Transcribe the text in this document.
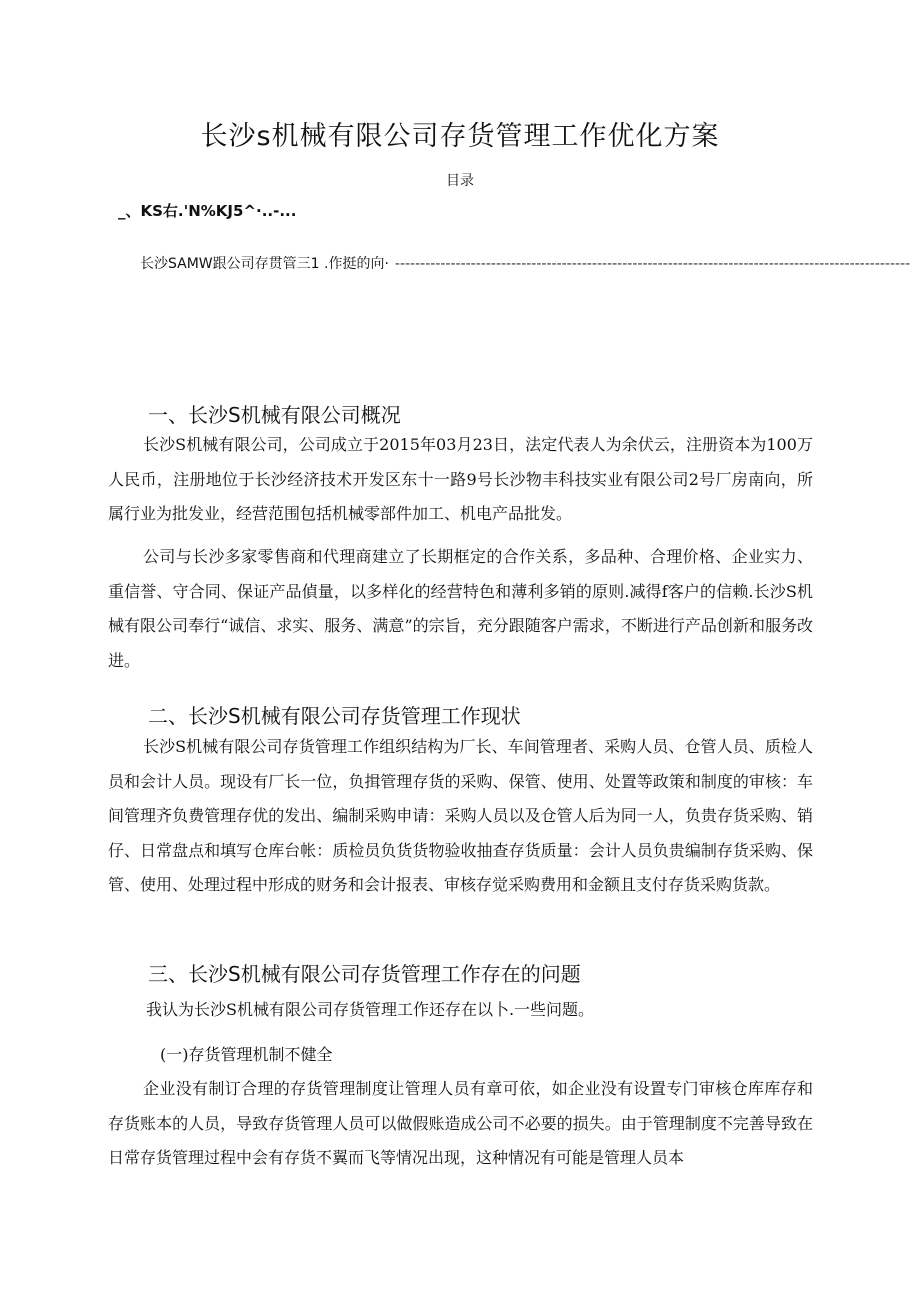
长沙s机械有限公司存货管理工作优化方案
目录
_、KS右.'N%KJ5^·..-...
长沙SAMW跟公司存贯管三1 .作挺的向· ------------------------------------------------------------------------------------------------------
一、长沙S机械有限公司概况
长沙S机械有限公司，公司成立于2015年03月23日，法定代表人为余伏云，注册资本为100万人民币，注册地位于长沙经济技术开发区东十一路9号长沙物丰科技实业有限公司2号厂房南向，所属行业为批发业，经营范围包括机械零部件加工、机电产品批发。
公司与长沙多家零售商和代理商建立了长期框定的合作关系，多品种、合理价格、企业实力、重信誉、守合同、保证产品偵量，以多样化的经营特色和薄利多销的原则.减得f客户的信赖.长沙S机械有限公司奉行“诚信、求实、服务、满意”的宗旨，充分跟随客户需求，不断进行产品创新和服务改进。
二、长沙S机械有限公司存货管理工作现状
长沙S机械有限公司存货管理工作组织结构为厂长、车间管理者、采购人员、仓管人员、质检人员和会计人员。现设有厂长一位，负揖管理存货的采购、保管、使用、处置等政策和制度的审核：车间管理齐负费管理存优的发出、编制采购申请：采购人员以及仓管人后为同一人，负贵存货采购、销仔、日常盘点和填写仓库台帐：质检员负货货物验收抽查存货质量：会计人员负贵编制存货采购、保管、使用、处理过程中形成的财务和会计报表、审核存觉采购费用和金额且支付存货采购货款。
三、长沙S机械有限公司存货管理工作存在的问题
我认为长沙S机械有限公司存货管理工作还存在以卜.一些问题。
(一)存货管理机制不健全
企业没有制订合理的存货管理制度让管理人员有章可依，如企业没有设置专门审核仓库库存和存货账本的人员，导致存货管理人员可以做假账造成公司不必要的损失。由于管理制度不完善导致在日常存货管理过程中会有存货不翼而飞等情况出现，这种情况有可能是管理人员本
